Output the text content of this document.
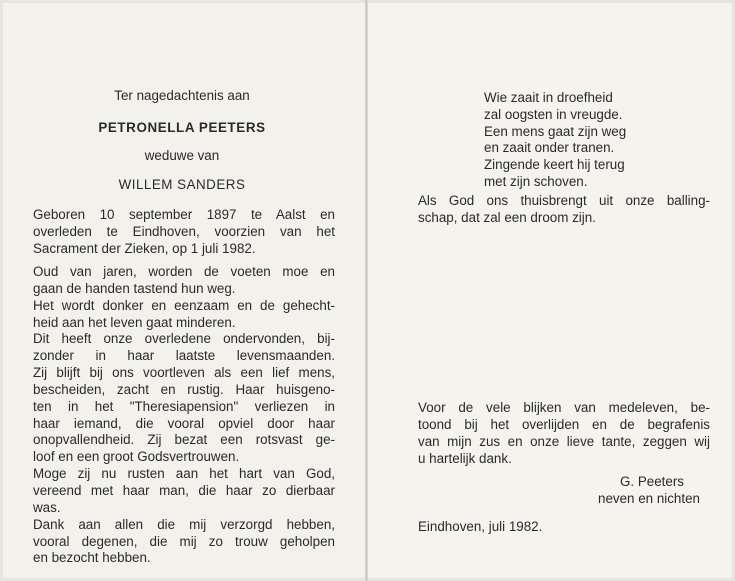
Ter nagedachtenis aan
PETRONELLA PEETERS
weduwe van
WILLEM SANDERS
Geboren 10 september 1897 te Aalst en
overleden te Eindhoven, voorzien van het
Sacrament der Zieken, op 1 juli 1982.
Oud van jaren, worden de voeten moe en
gaan de handen tastend hun weg.
Het wordt donker en eenzaam en de gehecht-
heid aan het leven gaat minderen.
Dit heeft onze overledene ondervonden, bij-
zonder in haar laatste levensmaanden.
Zij blijft bij ons voortleven als een lief mens,
bescheiden, zacht en rustig. Haar huisgeno-
ten in het "Theresiapension" verliezen in
haar iemand, die vooral opviel door haar
onopvallendheid. Zij bezat een rotsvast ge-
loof en een groot Godsvertrouwen.
Moge zij nu rusten aan het hart van God,
vereend met haar man, die haar zo dierbaar
was.
Dank aan allen die mij verzorgd hebben,
vooral degenen, die mij zo trouw geholpen
en bezocht hebben.
Wie zaait in droefheid
zal oogsten in vreugde.
Een mens gaat zijn weg
en zaait onder tranen.
Zingende keert hij terug
met zijn schoven.
Als God ons thuisbrengt uit onze balling-
schap, dat zal een droom zijn.
Voor de vele blijken van medeleven, be-
toond bij het overlijden en de begrafenis
van mijn zus en onze lieve tante, zeggen wij
u hartelijk dank.
G. Peeters
neven en nichten
Eindhoven, juli 1982.
